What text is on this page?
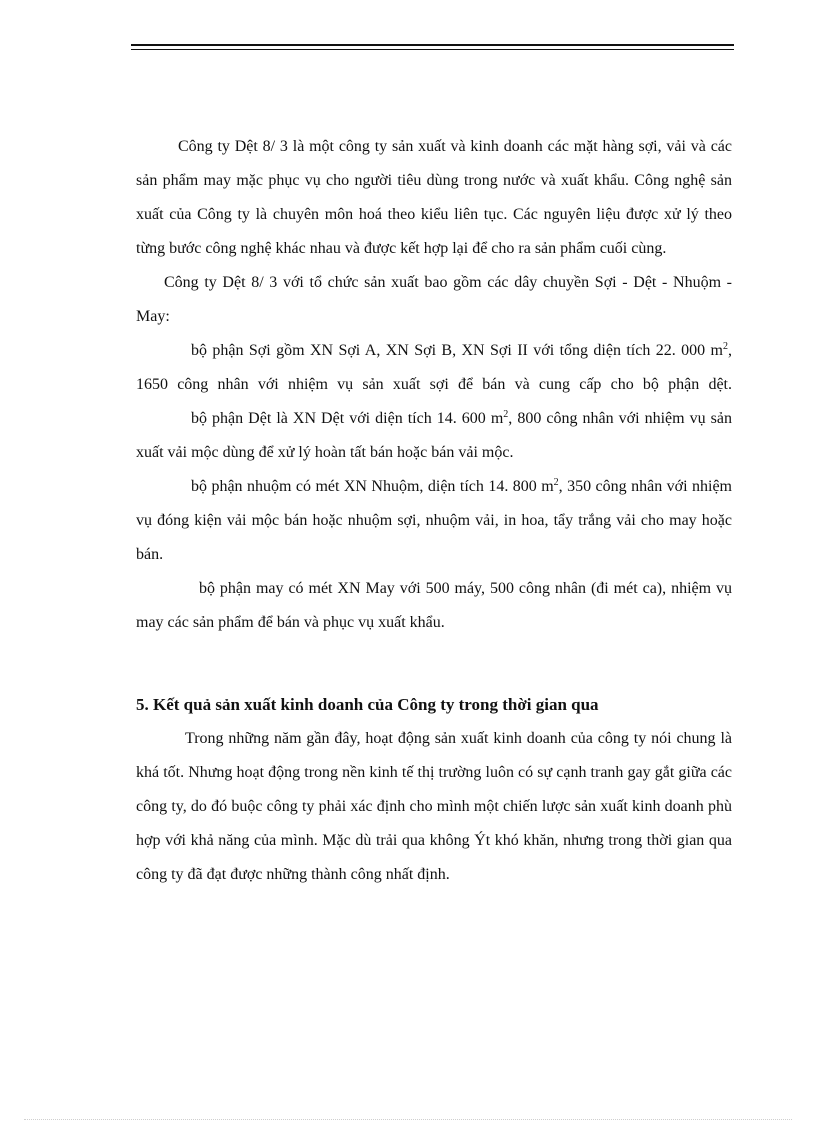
Công ty Dệt 8/ 3 là một công ty sản xuất và kinh doanh các mặt hàng sợi, vải và các sản phẩm may mặc phục vụ cho người tiêu dùng trong nước và xuất khẩu. Công nghệ sản xuất của Công ty là chuyên môn hoá theo kiểu liên tục. Các nguyên liệu được xử lý theo từng bước công nghệ khác nhau và được kết hợp lại để cho ra sản phẩm cuối cùng.

Công ty Dệt 8/ 3 với tổ chức sản xuất bao gồm các dây chuyền Sợi - Dệt - Nhuộm - May:

bộ phận Sợi gồm XN Sợi A, XN Sợi B, XN Sợi II với tổng diện tích 22. 000 $m^2$, 1650 công nhân với nhiệm vụ sản xuất sợi để bán và cung cấp cho bộ phận dệt.

bộ phận Dệt là XN Dệt với diện tích 14. 600 $m^2$, 800 công nhân với nhiệm vụ sản xuất vải mộc dùng để xử lý hoàn tất bán hoặc bán vải mộc.

bộ phận nhuộm có mét XN Nhuộm, diện tích 14. 800 $m^2$, 350 công nhân với nhiệm vụ đóng kiện vải mộc bán hoặc nhuộm sợi, nhuộm vải, in hoa, tẩy trắng vải cho may hoặc bán.

bộ phận may có mét XN May với 500 máy, 500 công nhân (đi mét ca), nhiệm vụ may các sản phẩm để bán và phục vụ xuất khẩu.

5. Kết quả sản xuất kinh doanh của Công ty trong thời gian qua

Trong những năm gần đây, hoạt động sản xuất kinh doanh của công ty nói chung là khá tốt. Nhưng hoạt động trong nền kinh tế thị trường luôn có sự cạnh tranh gay gắt giữa các công ty, do đó buộc công ty phải xác định cho mình một chiến lược sản xuất kinh doanh phù hợp với khả năng của mình. Mặc dù trải qua không Ýt khó khăn, nhưng trong thời gian qua công ty đã đạt được những thành công nhất định.
